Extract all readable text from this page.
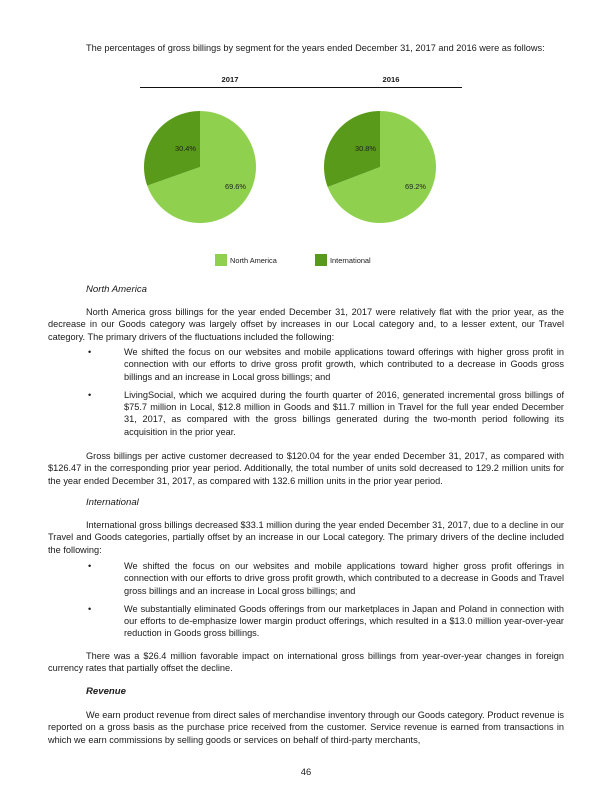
The percentages of gross billings by segment for the years ended December 31, 2017 and 2016 were as follows:

2017	2016
30.4%
69.6%
30.8%
69.2%
North America	International
North America

North America gross billings for the year ended December 31, 2017 were relatively flat with the prior year, as the decrease in our Goods category was largely offset by increases in our Local category and, to a lesser extent, our Travel category. The primary drivers of the fluctuations included the following:

•	We shifted the focus on our websites and mobile applications toward offerings with higher gross profit in connection with our efforts to drive gross profit growth, which contributed to a decrease in Goods gross billings and an increase in Local gross billings; and

•	LivingSocial, which we acquired during the fourth quarter of 2016, generated incremental gross billings of $75.7 million in Local, $12.8 million in Goods and $11.7 million in Travel for the full year ended December 31, 2017, as compared with the gross billings generated during the two-month period following its acquisition in the prior year.

Gross billings per active customer decreased to $120.04 for the year ended December 31, 2017, as compared with $126.47 in the corresponding prior year period. Additionally, the total number of units sold decreased to 129.2 million units for the year ended December 31, 2017, as compared with 132.6 million units in the prior year period.

International

International gross billings decreased $33.1 million during the year ended December 31, 2017, due to a decline in our Travel and Goods categories, partially offset by an increase in our Local category. The primary drivers of the decline included the following:

•	We shifted the focus on our websites and mobile applications toward higher gross profit offerings in connection with our efforts to drive gross profit growth, which contributed to a decrease in Goods and Travel gross billings and an increase in Local gross billings; and

•	We substantially eliminated Goods offerings from our marketplaces in Japan and Poland in connection with our efforts to de-emphasize lower margin product offerings, which resulted in a $13.0 million year-over-year reduction in Goods gross billings.

There was a $26.4 million favorable impact on international gross billings from year-over-year changes in foreign currency rates that partially offset the decline.

Revenue

We earn product revenue from direct sales of merchandise inventory through our Goods category. Product revenue is reported on a gross basis as the purchase price received from the customer. Service revenue is earned from transactions in which we earn commissions by selling goods or services on behalf of third-party merchants,

46
